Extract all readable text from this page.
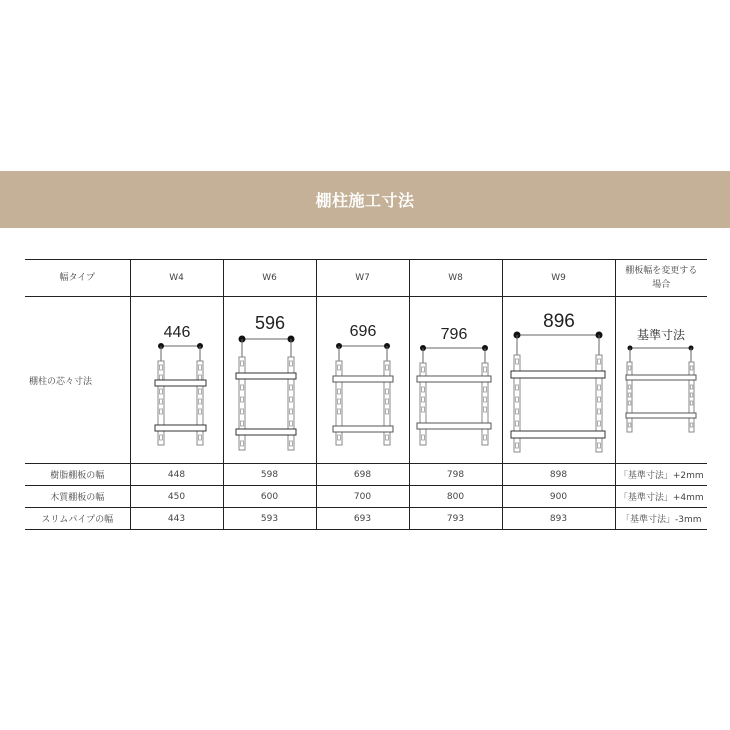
棚柱施工寸法
幅タイプ	W4	W6	W7	W8	W9	棚板幅を変更する場合
棚柱の芯々寸法	446	596	696	796	896	基準寸法

樹脂棚板の幅	448	598	698	798	898	「基準寸法」+2mm
木質棚板の幅	450	600	700	800	900	「基準寸法」+4mm
スリムパイプの幅	443	593	693	793	893	「基準寸法」-3mm
